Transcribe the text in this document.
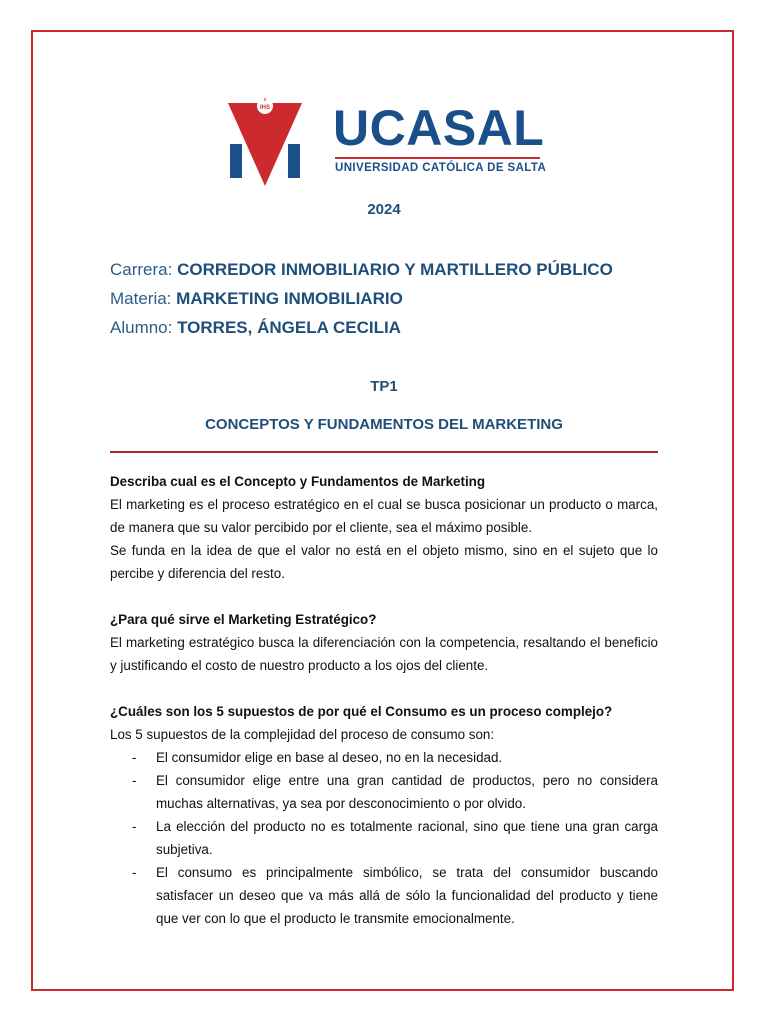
IHS UCASAL
UNIVERSIDAD CATÓLICA DE SALTA
2024
Carrera: CORREDOR INMOBILIARIO Y MARTILLERO PÚBLICO
Materia: MARKETING INMOBILIARIO
Alumno: TORRES, ÁNGELA CECILIA
TP1
CONCEPTOS Y FUNDAMENTOS DEL MARKETING

Describa cual es el Concepto y Fundamentos de Marketing

El marketing es el proceso estratégico en el cual se busca posicionar un producto o marca, de manera que su valor percibido por el cliente, sea el máximo posible.

Se funda en la idea de que el valor no está en el objeto mismo, sino en el sujeto que lo percibe y diferencia del resto.

¿Para qué sirve el Marketing Estratégico?

El marketing estratégico busca la diferenciación con la competencia, resaltando el beneficio y justificando el costo de nuestro producto a los ojos del cliente.

¿Cuáles son los 5 supuestos de por qué el Consumo es un proceso complejo?

Los 5 supuestos de la complejidad del proceso de consumo son:

- El consumidor elige en base al deseo, no en la necesidad.
- El consumidor elige entre una gran cantidad de productos, pero no considera muchas alternativas, ya sea por desconocimiento o por olvido.
- La elección del producto no es totalmente racional, sino que tiene una gran carga subjetiva.
- El consumo es principalmente simbólico, se trata del consumidor buscando satisfacer un deseo que va más allá de sólo la funcionalidad del producto y tiene que ver con lo que el producto le transmite emocionalmente.
